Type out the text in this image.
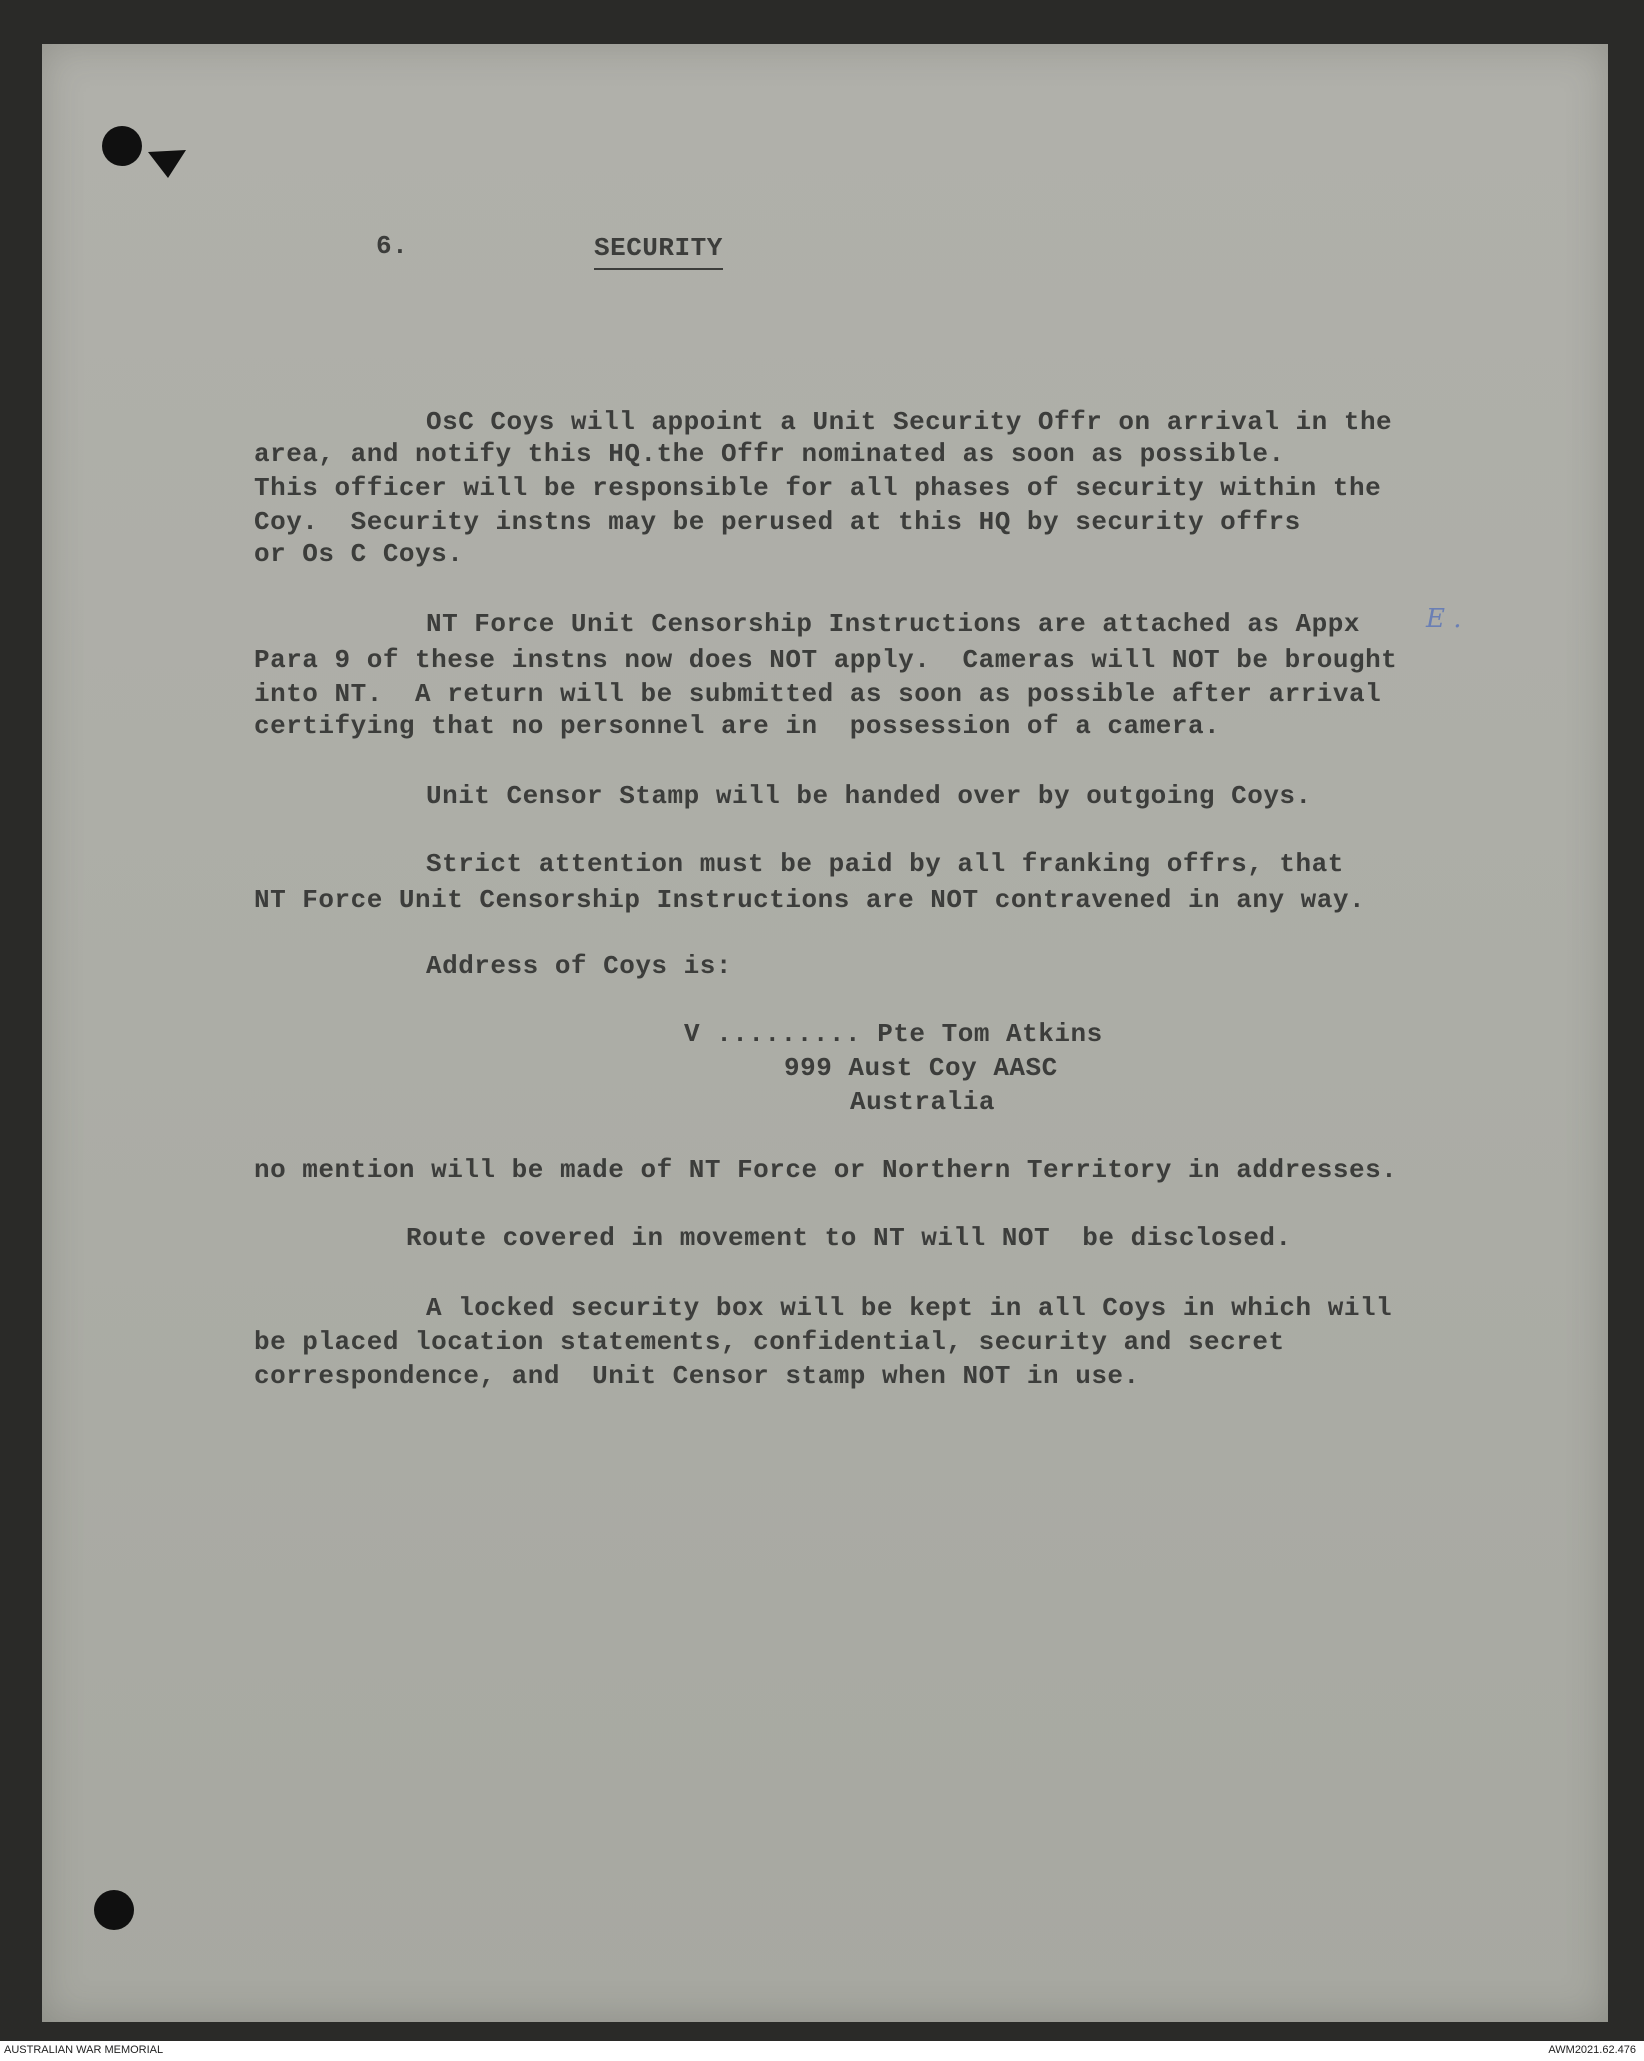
6.	SECURITY
OsC Coys will appoint a Unit Security Offr on arrival in the
area, and notify this HQ.the Offr nominated as soon as possible.
This officer will be responsible for all phases of security within the
Coy.  Security instns may be perused at this HQ by security offrs
or Os C Coys.
NT Force Unit Censorship Instructions are attached as Appx	E .
Para 9 of these instns now does NOT apply.  Cameras will NOT be brought
into NT.  A return will be submitted as soon as possible after arrival
certifying that no personnel are in  possession of a camera.
Unit Censor Stamp will be handed over by outgoing Coys.
Strict attention must be paid by all franking offrs, that
NT Force Unit Censorship Instructions are NOT contravened in any way.
Address of Coys is:
V ......... Pte Tom Atkins
999 Aust Coy AASC
Australia
no mention will be made of NT Force or Northern Territory in addresses.
Route covered in movement to NT will NOT  be disclosed.
A locked security box will be kept in all Coys in which will
be placed location statements, confidential, security and secret
correspondence, and  Unit Censor stamp when NOT in use.
AUSTRALIAN WAR MEMORIAL	AWM2021.62.476
